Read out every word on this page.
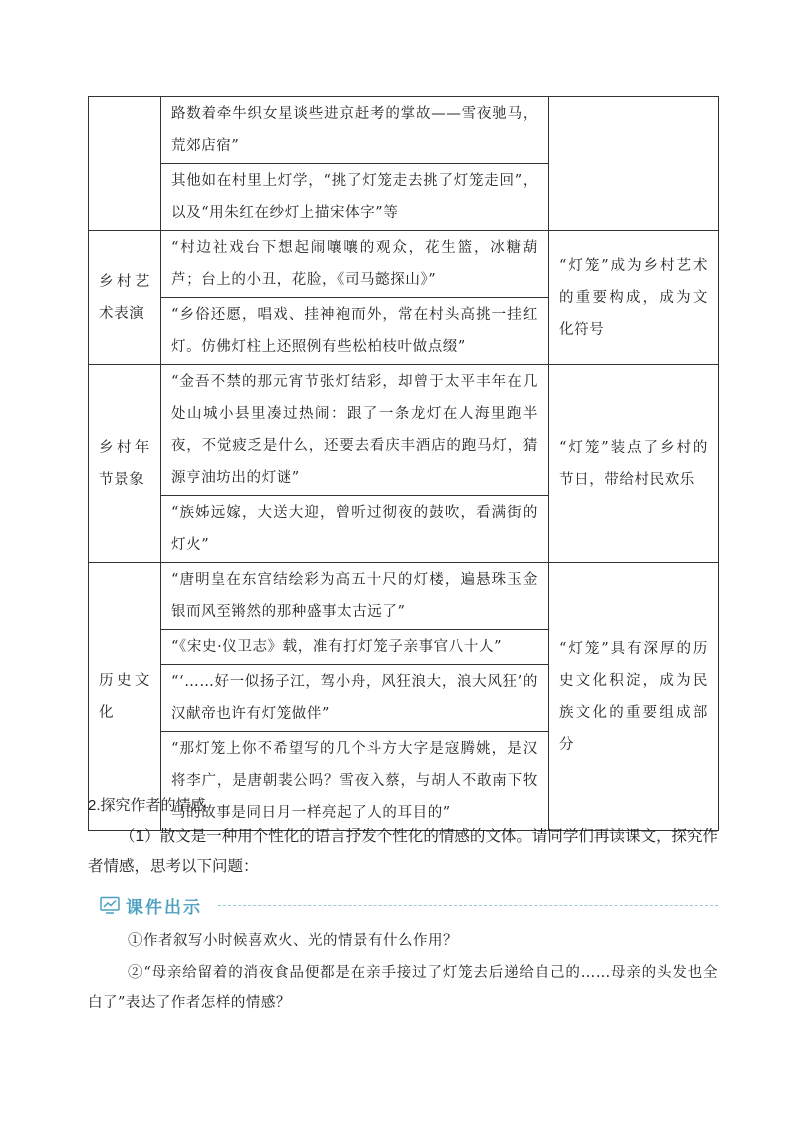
	路数着牵牛织女星谈些进京赶考的掌故——雪夜驰马，荒郊店宿”	
	其他如在村里上灯学，“挑了灯笼走去挑了灯笼走回”，以及“用朱红在纱灯上描宋体字”等	
乡村艺术表演	“村边社戏台下想起闹嚷嚷的观众，花生篮，冰糖葫芦；台上的小丑，花脸，《司马懿探山》”	“灯笼”成为乡村艺术的重要构成，成为文化符号
	“乡俗还愿，唱戏、挂神袍而外，常在村头高挑一挂红灯。仿佛灯柱上还照例有些松柏枝叶做点缀”	
乡村年节景象	“金吾不禁的那元宵节张灯结彩，却曾于太平丰年在几处山城小县里凑过热闹：跟了一条龙灯在人海里跑半夜，不觉疲乏是什么，还要去看庆丰酒店的跑马灯，猜源亨油坊出的灯谜”	“灯笼”装点了乡村的节日，带给村民欢乐
	“族姊远嫁，大送大迎，曾听过彻夜的鼓吹，看满街的灯火”	
历史文化	“唐明皇在东宫结绘彩为高五十尺的灯楼，遍悬珠玉金银而风至锵然的那种盛事太古远了”	“灯笼”具有深厚的历史文化积淀，成为民族文化的重要组成部分
	“《宋史·仪卫志》载，准有打灯笼子亲事官八十人”	
	“‘……好一似扬子江，驾小舟，风狂浪大，浪大风狂’的汉献帝也许有灯笼做伴”	
	“那灯笼上你不希望写的几个斗方大字是寇腾姚，是汉将李广，是唐朝裴公吗？雪夜入蔡，与胡人不敢南下牧马的故事是同日月一样亮起了人的耳目的”	
2.探究作者的情感
（1）散文是一种用个性化的语言抒发个性化的情感的文体。请同学们再读课文，探究作者情感，思考以下问题：
课件出示
①作者叙写小时候喜欢火、光的情景有什么作用？
②“母亲给留着的消夜食品便都是在亲手接过了灯笼去后递给自己的……母亲的头发也全白了”表达了作者怎样的情感？
